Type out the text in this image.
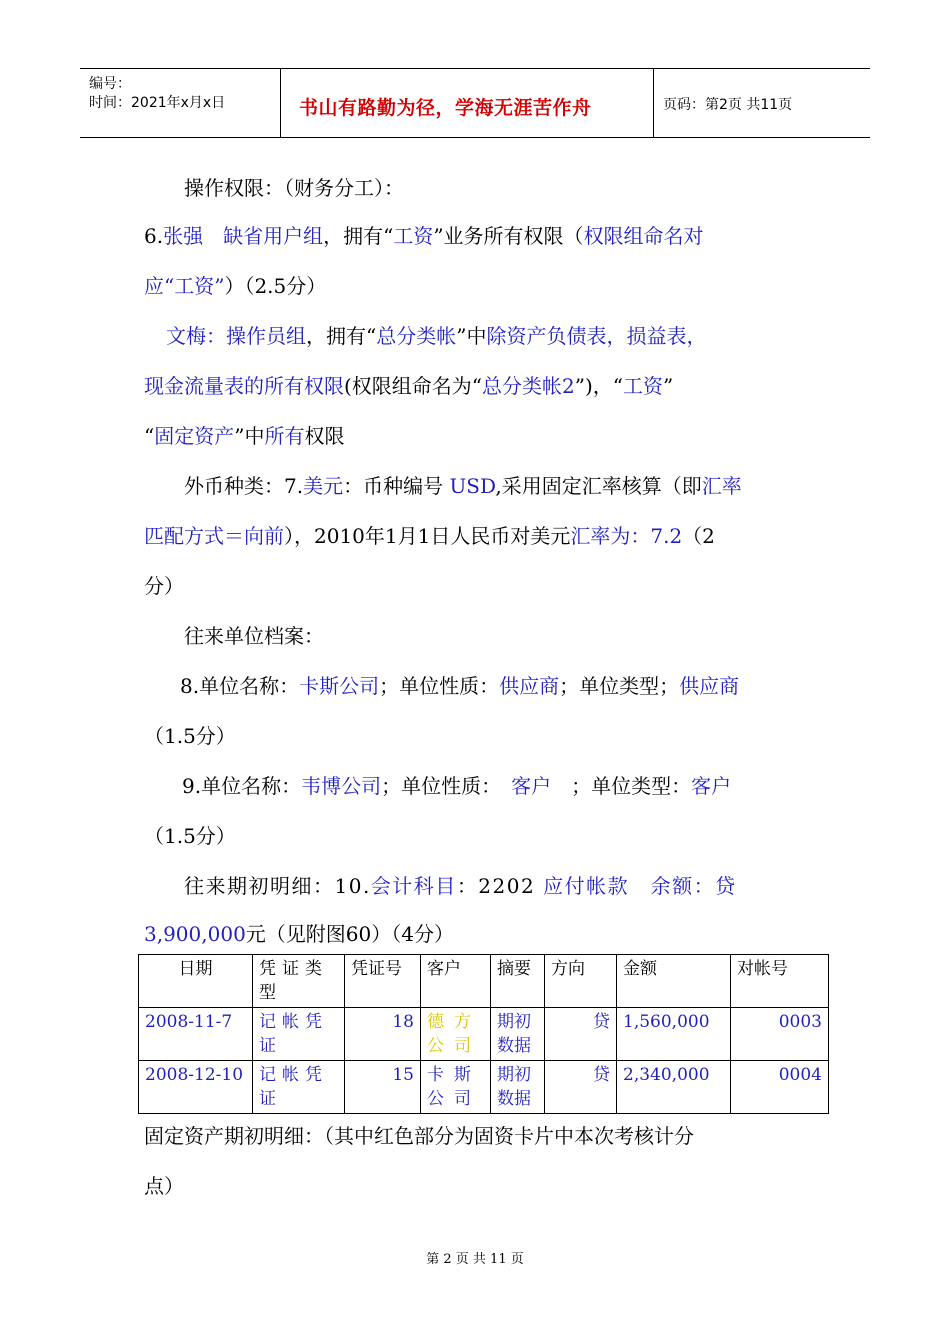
编号：
时间：2021年x月x日	书山有路勤为径，学海无涯苦作舟	页码：第2页 共11页
操作权限：（财务分工）：
6.张强　缺省用户组，拥有“工资”业务所有权限（权限组命名对
应“工资”）（2.5分）
文梅：操作员组，拥有“总分类帐”中除资产负债表，损益表，
现金流量表的所有权限(权限组命名为“总分类帐2”)，“工资”
“固定资产”中所有权限
外币种类：7.美元：币种编号 USD,采用固定汇率核算（即汇率
匹配方式＝向前），2010年1月1日人民币对美元汇率为：7.2（2
分）
往来单位档案：
8.单位名称：卡斯公司；单位性质：供应商；单位类型；供应商
（1.5分）
9.单位名称：韦博公司；单位性质：　客户　；单位类型：客户
（1.5分）
往来期初明细：10.会计科目：2202 应付帐款　 余额：贷
3,900,000元（见附图60）（4分）
日期	凭证类型	凭证号	客户	摘要	方向	金额	对帐号
2008-11-7	记帐凭证	18	德方公司	期初数据	贷	1,560,000	0003
2008-12-10	记帐凭证	15	卡斯公司	期初数据	贷	2,340,000	0004
固定资产期初明细：（其中红色部分为固资卡片中本次考核计分
点）
第 2 页 共 11 页
